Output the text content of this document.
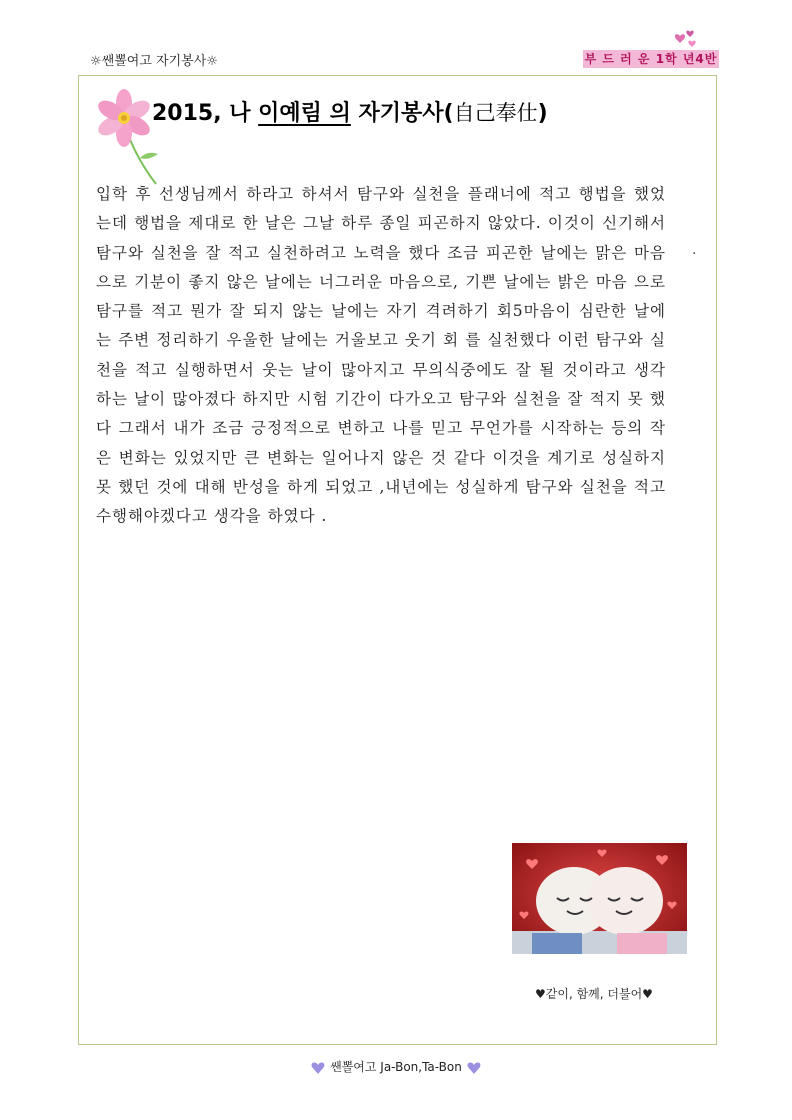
☼쌘뽈여고 자기봉사☼	부 드 러 운 1학 년4반
2015, 나 이예림 의 자기봉사(自己奉仕)
입학 후 선생님께서 하라고 하셔서 탐구와 실천을 플래너에 적고 행법을 했었는데 행법을 제대로 한 날은 그날 하루 종일 피곤하지 않았다. 이것이 신기해서 탐구와 실천을 잘 적고 실천하려고 노력을 했다 조금 피곤한 날에는 맑은 마음 으로 기분이 좋지 않은 날에는 너그러운 마음으로, 기쁜 날에는 밝은 마음 으로 탐구를 적고 뭔가 잘 되지 않는 날에는 자기 격려하기 회5마음이 심란한 날에는 주변 정리하기 우울한 날에는 거울보고 웃기 회 를 실천했다 이런 탐구와 실천을 적고 실행하면서 웃는 날이 많아지고 무의식중에도 잘 될 것이라고 생각하는 날이 많아졌다 하지만 시험 기간이 다가오고 탐구와 실천을 잘 적지 못 했다 그래서 내가 조금 긍정적으로 변하고 나를 믿고 무언가를 시작하는 등의 작은 변화는 있었지만 큰 변화는 일어나지 않은 것 같다 이것을 계기로 성실하지 못 했던 것에 대해 반성을 하게 되었고 ,내년에는 성실하게 탐구와 실천을 적고 수행해야겠다고 생각을 하였다 .
·
♥같이, 함께, 더불어♥
쌘뽈여고 Ja-Bon,Ta-Bon
